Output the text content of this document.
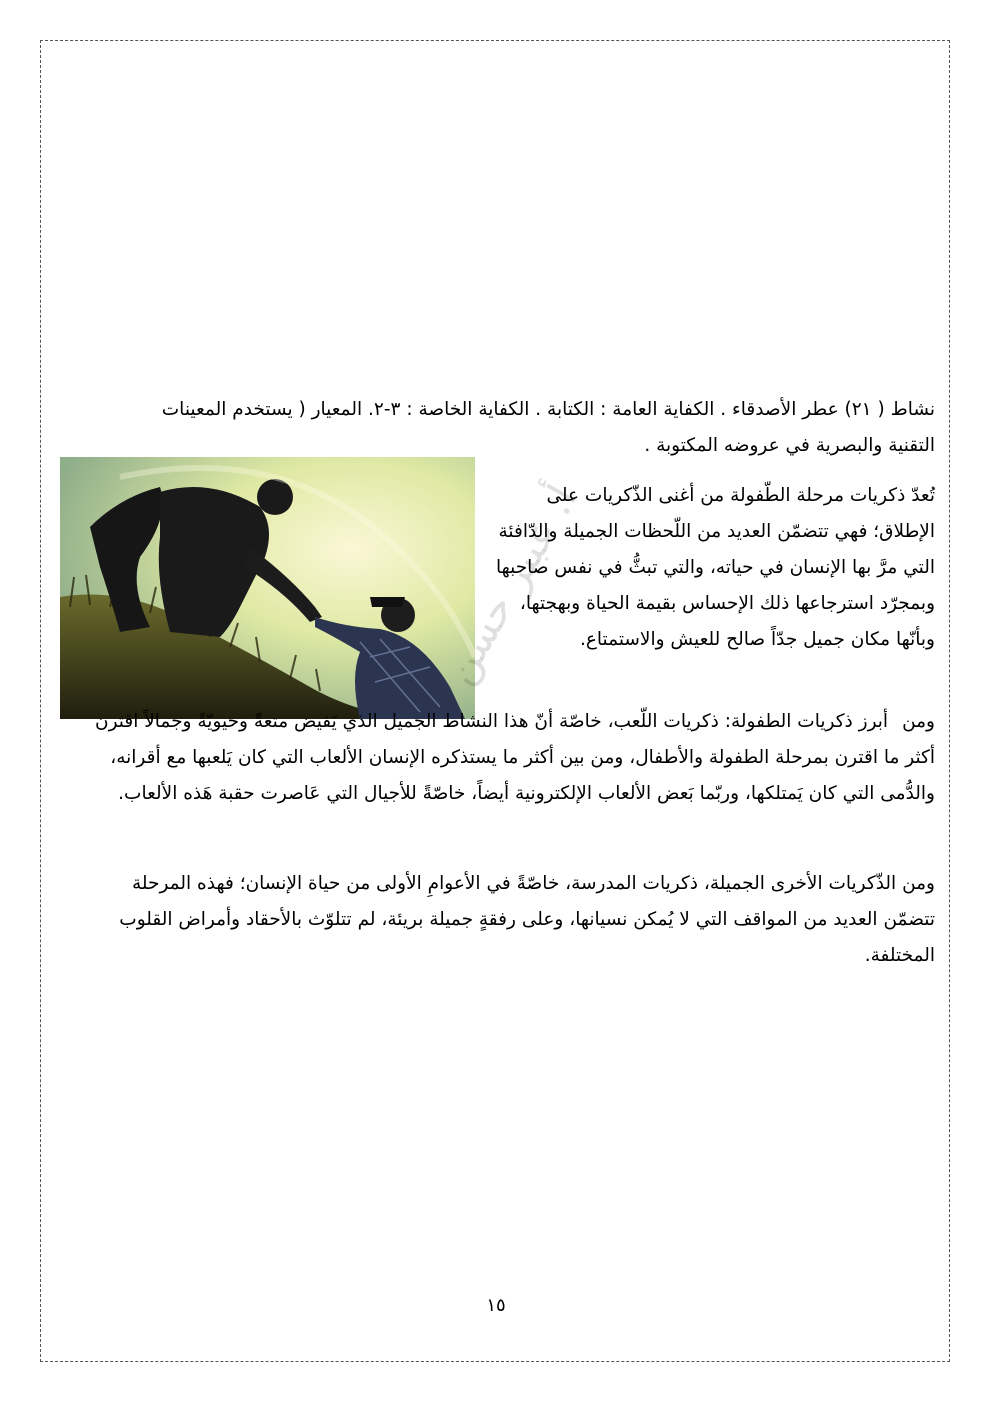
نشاط ( ٢١) عطر الأصدقاء . الكفاية العامة : الكتابة . الكفاية الخاصة : ٣-٢. المعيار ( يستخدم المعينات التقنية والبصرية في عروضه المكتوبة .
تُعدّ ذكريات مرحلة الطّفولة من أغنى الذّكريات على الإطلاق؛ فهي تتضمّن العديد من اللّحظات الجميلة والدّافئة التي مرَّ بها الإنسان في حياته، والتي تبثُّ في نفس صاحبها وبمجرّد استرجاعها ذلك الإحساس بقيمة الحياة وبهجتها، وبأنّها مكان جميل جدّاً صالح للعيش والاستمتاع.
ومنأبرز ذكريات الطفولة: ذكريات اللّعب، خاصّة أنّ هذا النشاط الجميل الذي يَفيض متعةً وحيويّةً وجمالاً اقترن أكثر ما اقترن بمرحلة الطفولة والأطفال، ومن بين أكثر ما يستذكره الإنسان الألعاب التي كان يَلعبها مع أقرانه، والدُّمى التي كان يَمتلكها، وربّما بَعض الألعاب الإلكترونية أيضاً، خاصّةً للأجيال التي عَاصرت حقبة هَذه الألعاب.
ومن الذّكريات الأخرى الجميلة، ذكريات المدرسة، خاصّةً في الأعوامِ الأولى من حياة الإنسان؛ فهذه المرحلة تتضمّن العديد من المواقف التي لا يُمكن نسيانها، وعلى رفقةٍ جميلة بريئة، لم تتلوّث بالأحقاد وأمراض القلوب المختلفة.
أ. عبير حسن
١٥
